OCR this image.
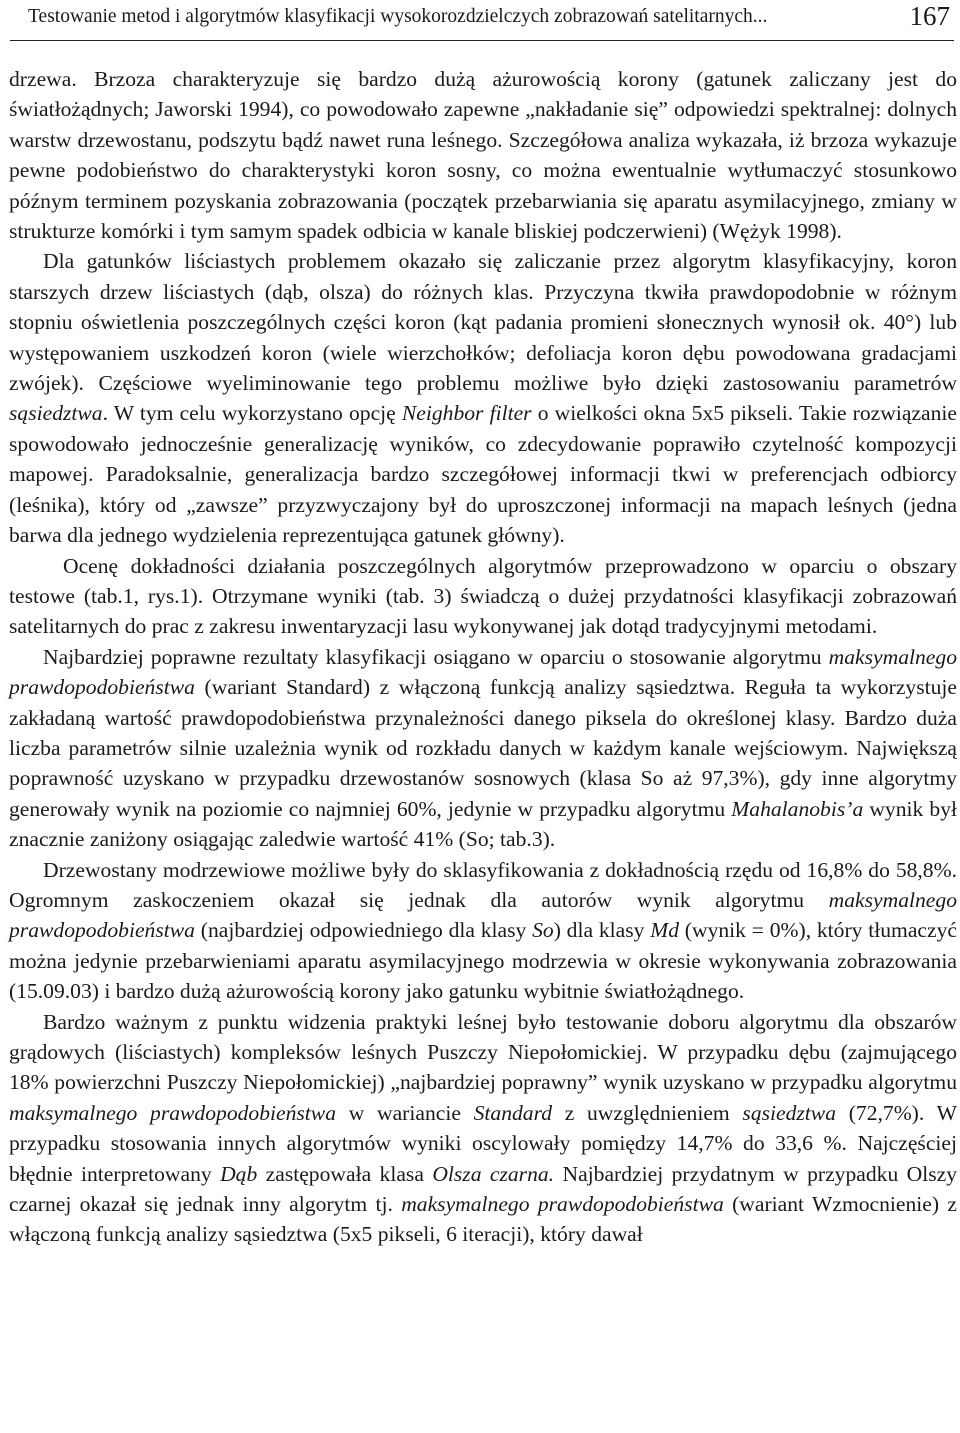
Testowanie metod i algorytmów klasyfikacji wysokorozdzielczych zobrazowań satelitarnych...	167

drzewa. Brzoza charakteryzuje się bardzo dużą ażurowością korony (gatunek zaliczany jest do światłożądnych; Jaworski 1994), co powodowało zapewne „nakładanie się” odpowiedzi spektralnej: dolnych warstw drzewostanu, podszytu bądź nawet runa leśnego. Szczegółowa analiza wykazała, iż brzoza wykazuje pewne podobieństwo do charakterystyki koron sosny, co można ewentualnie wytłumaczyć stosunkowo późnym terminem pozyskania zobrazowania (początek przebarwiania się aparatu asymilacyjnego, zmiany w strukturze komórki i tym samym spadek odbicia w kanale bliskiej podczerwieni) (Wężyk 1998).

Dla gatunków liściastych problemem okazało się zaliczanie przez algorytm klasyfikacyjny, koron starszych drzew liściastych (dąb, olsza) do różnych klas. Przyczyna tkwiła prawdopodobnie w różnym stopniu oświetlenia poszczególnych części koron (kąt padania promieni słonecznych wynosił ok. 40°) lub występowaniem uszkodzeń koron (wiele wierzchołków; defoliacja koron dębu powodowana gradacjami zwójek). Częściowe wyeliminowanie tego problemu możliwe było dzięki zastosowaniu parametrów sąsiedztwa. W tym celu wykorzystano opcję Neighbor filter o wielkości okna 5x5 pikseli. Takie rozwiązanie spowodowało jednocześnie generalizację wyników, co zdecydowanie poprawiło czytelność kompozycji mapowej. Paradoksalnie, generalizacja bardzo szczegółowej informacji tkwi w preferencjach odbiorcy (leśnika), który od „zawsze” przyzwyczajony był do uproszczonej informacji na mapach leśnych (jedna barwa dla jednego wydzielenia reprezentująca gatunek główny).

Ocenę dokładności działania poszczególnych algorytmów przeprowadzono w oparciu o obszary testowe (tab.1, rys.1). Otrzymane wyniki (tab. 3) świadczą o dużej przydatności klasyfikacji zobrazowań satelitarnych do prac z zakresu inwentaryzacji lasu wykonywanej jak dotąd tradycyjnymi metodami.

Najbardziej poprawne rezultaty klasyfikacji osiągano w oparciu o stosowanie algorytmu maksymalnego prawdopodobieństwa (wariant Standard) z włączoną funkcją analizy sąsiedztwa. Reguła ta wykorzystuje zakładaną wartość prawdopodobieństwa przynależności danego piksela do określonej klasy. Bardzo duża liczba parametrów silnie uzależnia wynik od rozkładu danych w każdym kanale wejściowym. Największą poprawność uzyskano w przypadku drzewostanów sosnowych (klasa So aż 97,3%), gdy inne algorytmy generowały wynik na poziomie co najmniej 60%, jedynie w przypadku algorytmu Mahalanobis’a wynik był znacznie zaniżony osiągając zaledwie wartość 41% (So; tab.3).

Drzewostany modrzewiowe możliwe były do sklasyfikowania z dokładnością rzędu od 16,8% do 58,8%. Ogromnym zaskoczeniem okazał się jednak dla autorów wynik algorytmu maksymalnego prawdopodobieństwa (najbardziej odpowiedniego dla klasy So) dla klasy Md (wynik = 0%), który tłumaczyć można jedynie przebarwieniami aparatu asymilacyjnego modrzewia w okresie wykonywania zobrazowania (15.09.03) i bardzo dużą ażurowością korony jako gatunku wybitnie światłożądnego.

Bardzo ważnym z punktu widzenia praktyki leśnej było testowanie doboru algorytmu dla obszarów grądowych (liściastych) kompleksów leśnych Puszczy Niepołomickiej. W przypadku dębu (zajmującego 18% powierzchni Puszczy Niepołomickiej) „najbardziej poprawny” wynik uzyskano w przypadku algorytmu maksymalnego prawdopodobieństwa w wariancie Standard z uwzględnieniem sąsiedztwa (72,7%). W przypadku stosowania innych algorytmów wyniki oscylowały pomiędzy 14,7% do 33,6 %. Najczęściej błędnie interpretowany Dąb zastępowała klasa Olsza czarna. Najbardziej przydatnym w przypadku Olszy czarnej okazał się jednak inny algorytm tj. maksymalnego prawdopodobieństwa (wariant Wzmocnienie) z włączoną funkcją analizy sąsiedztwa (5x5 pikseli, 6 iteracji), który dawał
